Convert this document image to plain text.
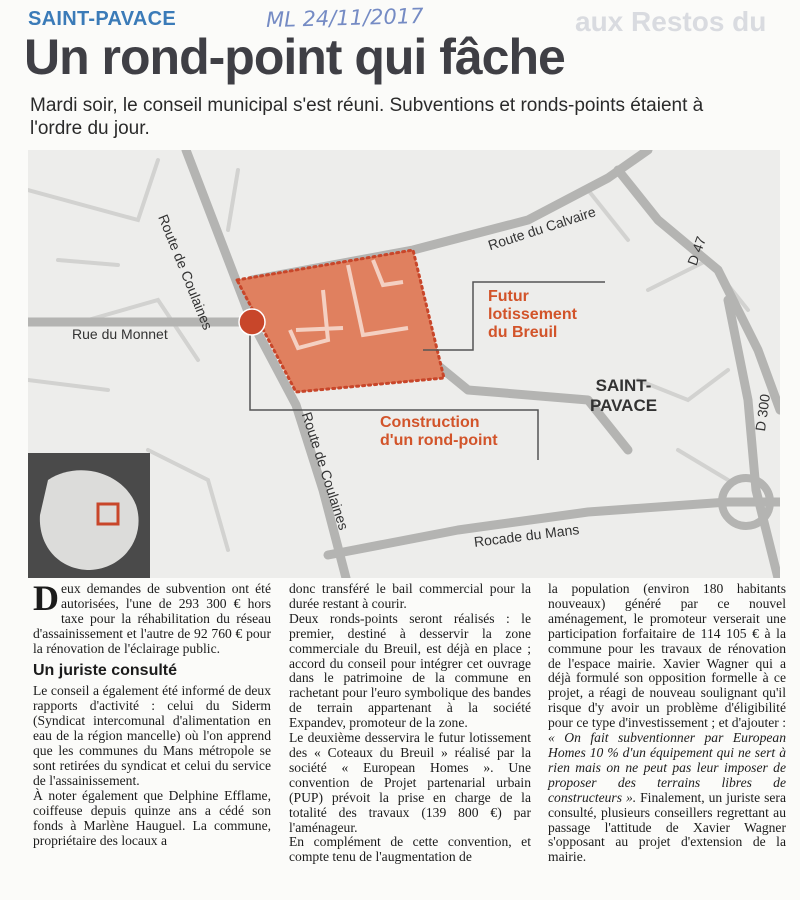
SAINT-PAVACE	ML 24/11/2017	aux Restos du
Un rond-point qui fâche
Mardi soir, le conseil municipal s'est réuni. Subventions et ronds-points étaient à l'ordre du jour.
Route de Coulaines	Route du Calvaire	D 47
Rue du Monnet
D 300
Rocade du Mans
Route de Coulaines
Futur
lotissement
du Breuil
Construction
d'un rond-point
SAINT-
PAVACE

Deux demandes de subvention ont été autorisées, l'une de 293 300 € hors taxe pour la réhabilitation du réseau d'assainissement et l'autre de 92 760 € pour la rénovation de l'éclairage public.

Un juriste consulté

Le conseil a également été informé de deux rapports d'activité : celui du Siderm (Syndicat intercomunal d'alimentation en eau de la région mancelle) où l'on apprend que les communes du Mans métropole se sont retirées du syndicat et celui du service de l'assainissement.

À noter également que Delphine Efflame, coiffeuse depuis quinze ans a cédé son fonds à Marlène Hauguel. La commune, propriétaire des locaux a

donc transféré le bail commercial pour la durée restant à courir.

Deux ronds-points seront réalisés : le premier, destiné à desservir la zone commerciale du Breuil, est déjà en place ; accord du conseil pour intégrer cet ouvrage dans le patrimoine de la commune en rachetant pour l'euro symbolique des bandes de terrain appartenant à la société Expandev, promoteur de la zone.

Le deuxième desservira le futur lotissement des « Coteaux du Breuil » réalisé par la société « European Homes ». Une convention de Projet partenarial urbain (PUP) prévoit la prise en charge de la totalité des travaux (139 800 €) par l'aménageur.

En complément de cette convention, et compte tenu de l'augmentation de

la population (environ 180 habitants nouveaux) généré par ce nouvel aménagement, le promoteur verserait une participation forfaitaire de 114 105 € à la commune pour les travaux de rénovation de l'espace mairie. Xavier Wagner qui a déjà formulé son opposition formelle à ce projet, a réagi de nouveau soulignant qu'il risque d'y avoir un problème d'éligibilité pour ce type d'investissement ; et d'ajouter : « On fait subventionner par European Homes 10 % d'un équipement qui ne sert à rien mais on ne peut pas leur imposer de proposer des terrains libres de constructeurs ». Finalement, un juriste sera consulté, plusieurs conseillers regrettant au passage l'attitude de Xavier Wagner s'opposant au projet d'extension de la mairie.
